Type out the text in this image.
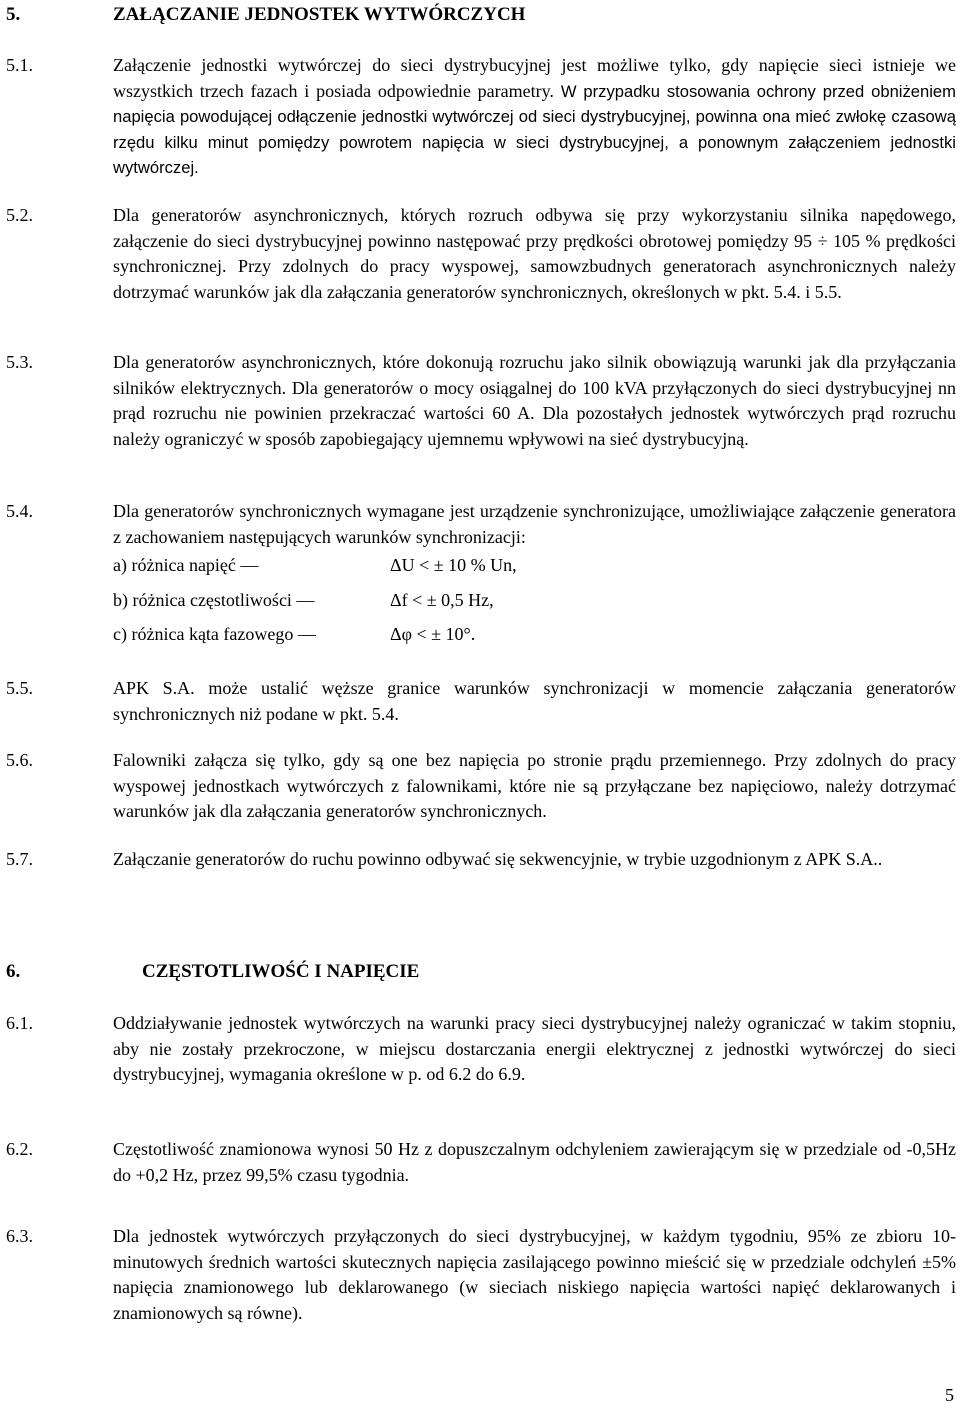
5.	ZAŁĄCZANIE JEDNOSTEK WYTWÓRCZYCH
5.1.	Załączenie jednostki wytwórczej do sieci dystrybucyjnej jest możliwe tylko, gdy napięcie sieci istnieje we wszystkich trzech fazach i posiada odpowiednie parametry. W przypadku stosowania ochrony przed obniżeniem napięcia powodującej odłączenie jednostki wytwórczej od sieci dystrybucyjnej, powinna ona mieć zwłokę czasową rzędu kilku minut pomiędzy powrotem napięcia w sieci dystrybucyjnej, a ponownym załączeniem jednostki wytwórczej.
5.2.	Dla generatorów asynchronicznych, których rozruch odbywa się przy wykorzystaniu silnika napędowego, załączenie do sieci dystrybucyjnej powinno następować przy prędkości obrotowej pomiędzy 95 ÷ 105 % prędkości synchronicznej. Przy zdolnych do pracy wyspowej, samowzbudnych generatorach asynchronicznych należy dotrzymać warunków jak dla załączania generatorów synchronicznych, określonych w pkt. 5.4. i 5.5.
5.3.	Dla generatorów asynchronicznych, które dokonują rozruchu jako silnik obowiązują warunki jak dla przyłączania silników elektrycznych. Dla generatorów o mocy osiągalnej do 100 kVA przyłączonych do sieci dystrybucyjnej nn prąd rozruchu nie powinien przekraczać wartości 60 A. Dla pozostałych jednostek wytwórczych prąd rozruchu należy ograniczyć w sposób zapobiegający ujemnemu wpływowi na sieć dystrybucyjną.
5.4.	Dla generatorów synchronicznych wymagane jest urządzenie synchronizujące, umożliwiające załączenie generatora z zachowaniem następujących warunków synchronizacji:
a) różnica napięć —	ΔU < ± 10 % Un,
b) różnica częstotliwości —	Δf < ± 0,5 Hz,
c) różnica kąta fazowego —	Δφ < ± 10°.
5.5.	APK S.A. może ustalić węższe granice warunków synchronizacji w momencie załączania generatorów synchronicznych niż podane w pkt. 5.4.
5.6.	Falowniki załącza się tylko, gdy są one bez napięcia po stronie prądu przemiennego. Przy zdolnych do pracy wyspowej jednostkach wytwórczych z falownikami, które nie są przyłączane bez napięciowo, należy dotrzymać warunków jak dla załączania generatorów synchronicznych.
5.7.	Załączanie generatorów do ruchu powinno odbywać się sekwencyjnie, w trybie uzgodnionym z APK S.A..
6.	CZĘSTOTLIWOŚĆ I NAPIĘCIE
6.1.	Oddziaływanie jednostek wytwórczych na warunki pracy sieci dystrybucyjnej należy ograniczać w takim stopniu, aby nie zostały przekroczone, w miejscu dostarczania energii elektrycznej z jednostki wytwórczej do sieci dystrybucyjnej, wymagania określone w p. od 6.2 do 6.9.
6.2.	Częstotliwość znamionowa wynosi 50 Hz z dopuszczalnym odchyleniem zawierającym się w przedziale od -0,5Hz do +0,2 Hz, przez 99,5% czasu tygodnia.
6.3.	Dla jednostek wytwórczych przyłączonych do sieci dystrybucyjnej, w każdym tygodniu, 95% ze zbioru 10-minutowych średnich wartości skutecznych napięcia zasilającego powinno mieścić się w przedziale odchyleń ±5% napięcia znamionowego lub deklarowanego (w sieciach niskiego napięcia wartości napięć deklarowanych i znamionowych są równe).
5
